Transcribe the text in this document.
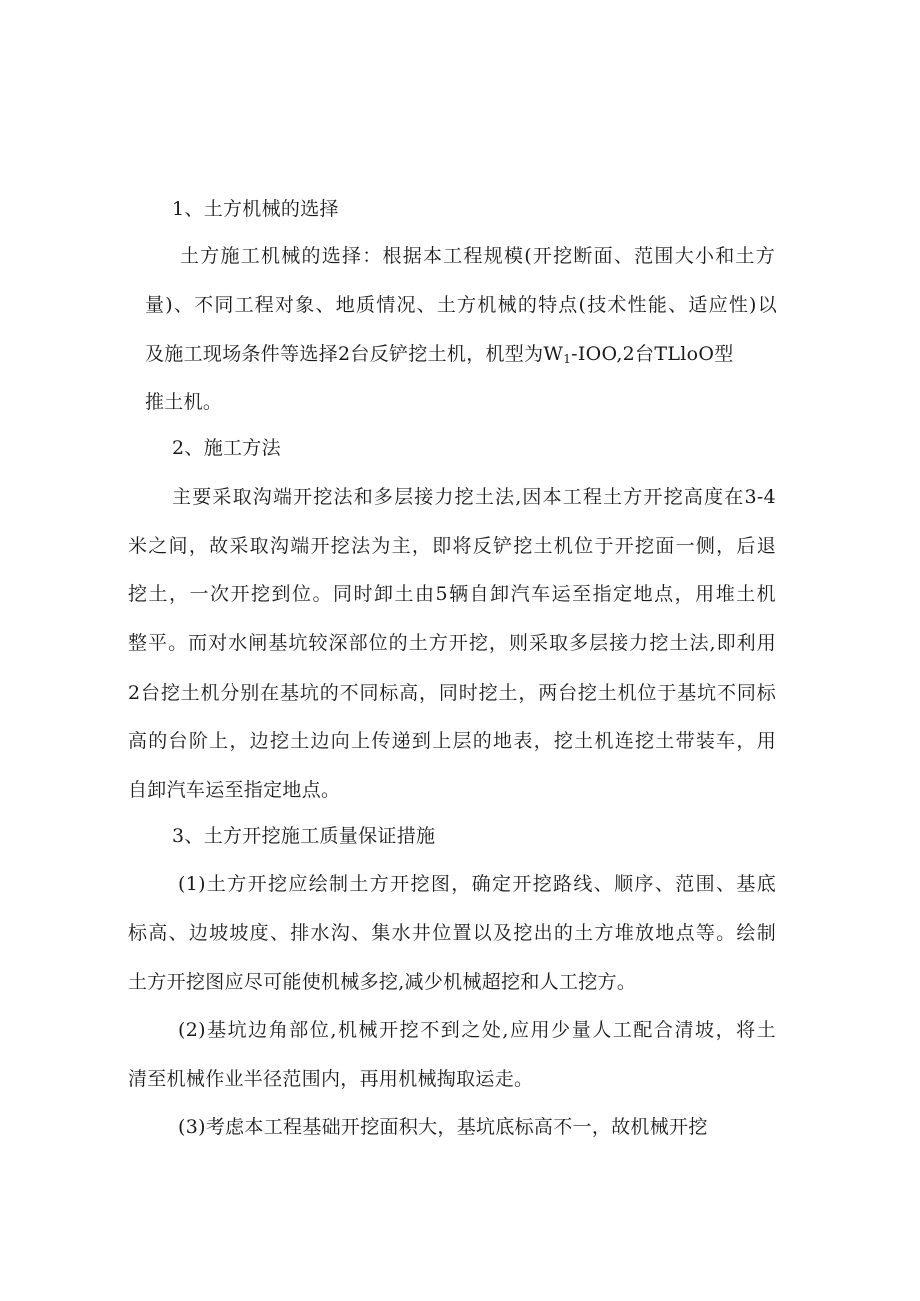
1、土方机械的选择
土方施工机械的选择：根据本工程规模(开挖断面、范围大小和土方
量)、不同工程对象、地质情况、土方机械的特点(技术性能、适应性)以
及施工现场条件等选择2台反铲挖土机，机型为$W_1-IOO,2$台TLloO型
推土机。
2、施工方法
主要采取沟端开挖法和多层接力挖土法,因本工程土方开挖高度在3-4
米之间，故采取沟端开挖法为主，即将反铲挖土机位于开挖面一侧，后退
挖土，一次开挖到位。同时卸土由5辆自卸汽车运至指定地点，用堆土机
整平。而对水闸基坑较深部位的土方开挖，则采取多层接力挖土法,即利用
2台挖土机分别在基坑的不同标高，同时挖土，两台挖土机位于基坑不同标
高的台阶上，边挖土边向上传递到上层的地表，挖土机连挖土带装车，用
自卸汽车运至指定地点。
3、土方开挖施工质量保证措施
(1)土方开挖应绘制土方开挖图，确定开挖路线、顺序、范围、基底
标高、边坡坡度、排水沟、集水井位置以及挖出的土方堆放地点等。绘制
土方开挖图应尽可能使机械多挖,减少机械超挖和人工挖方。
(2)基坑边角部位,机械开挖不到之处,应用少量人工配合清坡，将土
清至机械作业半径范围内，再用机械掏取运走。
(3)考虑本工程基础开挖面积大，基坑底标高不一，故机械开挖
